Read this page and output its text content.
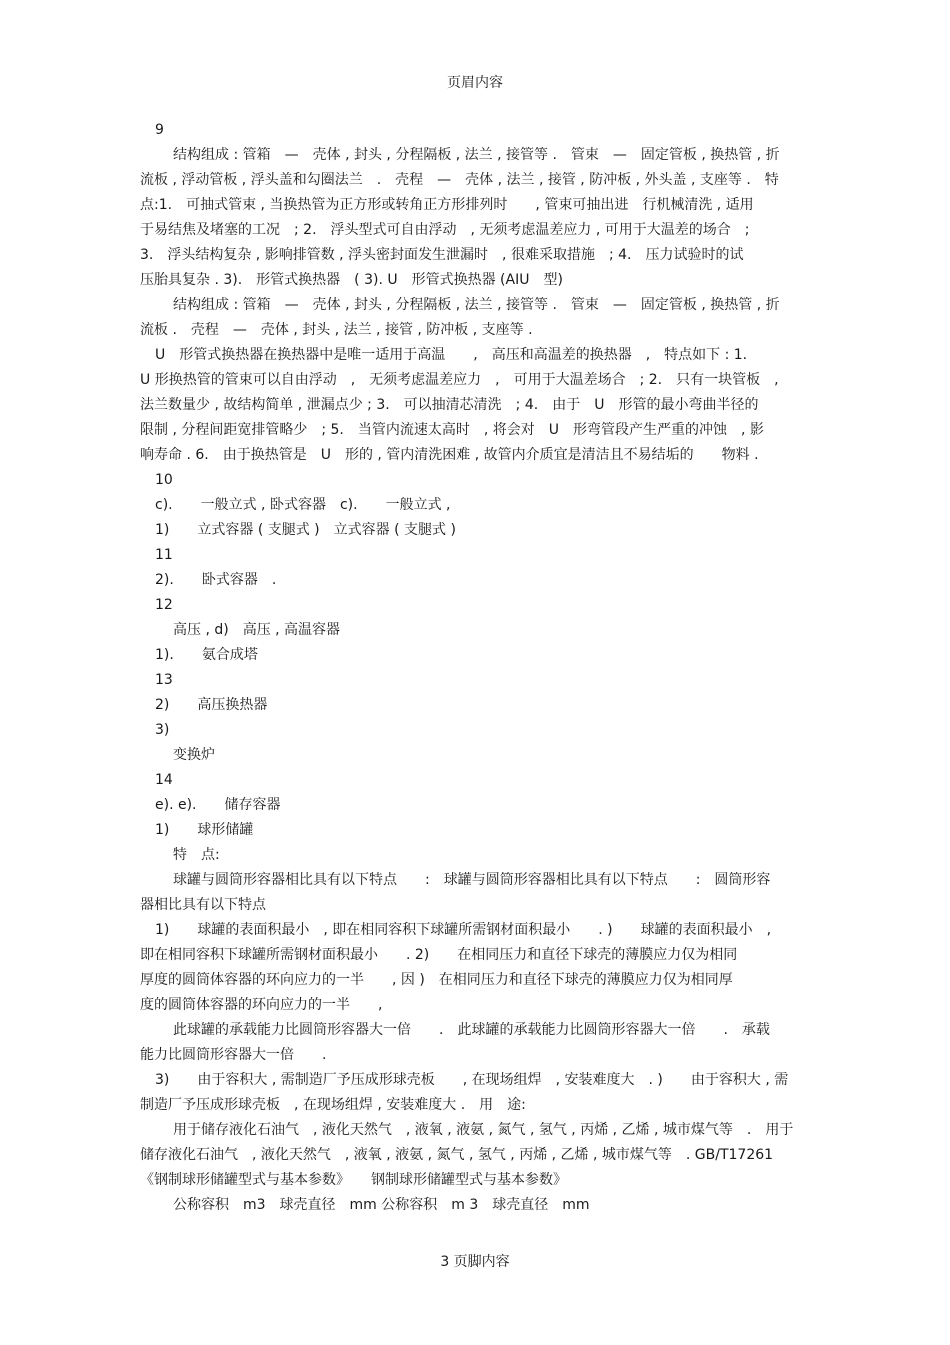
页眉内容
9
结构组成 : 管箱　—　壳体 , 封头 , 分程隔板 , 法兰 , 接管等 .　管束　—　固定管板 , 换热管 , 折
流板 , 浮动管板 , 浮头盖和勾圈法兰　.　壳程　—　壳体 , 法兰 , 接管 , 防冲板 , 外头盖 , 支座等 .　特
点:1.　可抽式管束 , 当换热管为正方形或转角正方形排列时　　, 管束可抽出进　行机械清洗 , 适用
于易结焦及堵塞的工况　; 2.　浮头型式可自由浮动　, 无须考虑温差应力 , 可用于大温差的场合　;
3.　浮头结构复杂 , 影响排管数 , 浮头密封面发生泄漏时　, 很难采取措施　; 4.　压力试验时的试
压胎具复杂 . 3).　形管式换热器　( 3). U　形管式换热器 (AIU　型)
结构组成 : 管箱　—　壳体 , 封头 , 分程隔板 , 法兰 , 接管等 .　管束　—　固定管板 , 换热管 , 折
流板 .　壳程　—　壳体 , 封头 , 法兰 , 接管 , 防冲板 , 支座等 .
U　形管式换热器在换热器中是唯一适用于高温　　,　高压和高温差的换热器　,　特点如下 : 1.
U 形换热管的管束可以自由浮动　,　无须考虑温差应力　,　可用于大温差场合　; 2.　只有一块管板　,
法兰数量少 , 故结构简单 , 泄漏点少 ; 3.　可以抽清芯清洗　; 4.　由于　U　形管的最小弯曲半径的
限制 , 分程间距宽排管略少　; 5.　当管内流速太高时　, 将会对　U　形弯管段产生严重的冲蚀　, 影
响寿命 . 6.　由于换热管是　U　形的 , 管内清洗困难 , 故管内介质宜是清洁且不易结垢的　　物料 .
10
c).　　一般立式 , 卧式容器　c).　　一般立式 ,
1)　　立式容器 ( 支腿式 )　立式容器 ( 支腿式 )
11
2).　　卧式容器　.
12
高压 , d)　高压 , 高温容器
1).　　氨合成塔
13
2)　　高压换热器
3)
变换炉
14
e). e).　　储存容器
1)　　球形储罐
特　点:
球罐与圆筒形容器相比具有以下特点　　:　球罐与圆筒形容器相比具有以下特点　　:　圆筒形容
器相比具有以下特点
1)　　球罐的表面积最小　, 即在相同容积下球罐所需钢材面积最小　　. )　　球罐的表面积最小　,
即在相同容积下球罐所需钢材面积最小　　. 2)　　在相同压力和直径下球壳的薄膜应力仅为相同
厚度的圆筒体容器的环向应力的一半　　, 因 )　在相同压力和直径下球壳的薄膜应力仅为相同厚
度的圆筒体容器的环向应力的一半　　,
此球罐的承载能力比圆筒形容器大一倍　　.　此球罐的承载能力比圆筒形容器大一倍　　.　承载
能力比圆筒形容器大一倍　　.
3)　　由于容积大 , 需制造厂予压成形球壳板　　, 在现场组焊　, 安装难度大　. )　　由于容积大 , 需
制造厂予压成形球壳板　, 在现场组焊 , 安装难度大 .　用　途:
用于储存液化石油气　, 液化天然气　, 液氧 , 液氨 , 氮气 , 氢气 , 丙烯 , 乙烯 , 城市煤气等　.　用于
储存液化石油气　, 液化天然气　, 液氧 , 液氨 , 氮气 , 氢气 , 丙烯 , 乙烯 , 城市煤气等　. GB/T17261
《钢制球形储罐型式与基本参数》　　钢制球形储罐型式与基本参数》
公称容积　m3　球壳直径　mm 公称容积　m 3　球壳直径　mm
3 页脚内容
